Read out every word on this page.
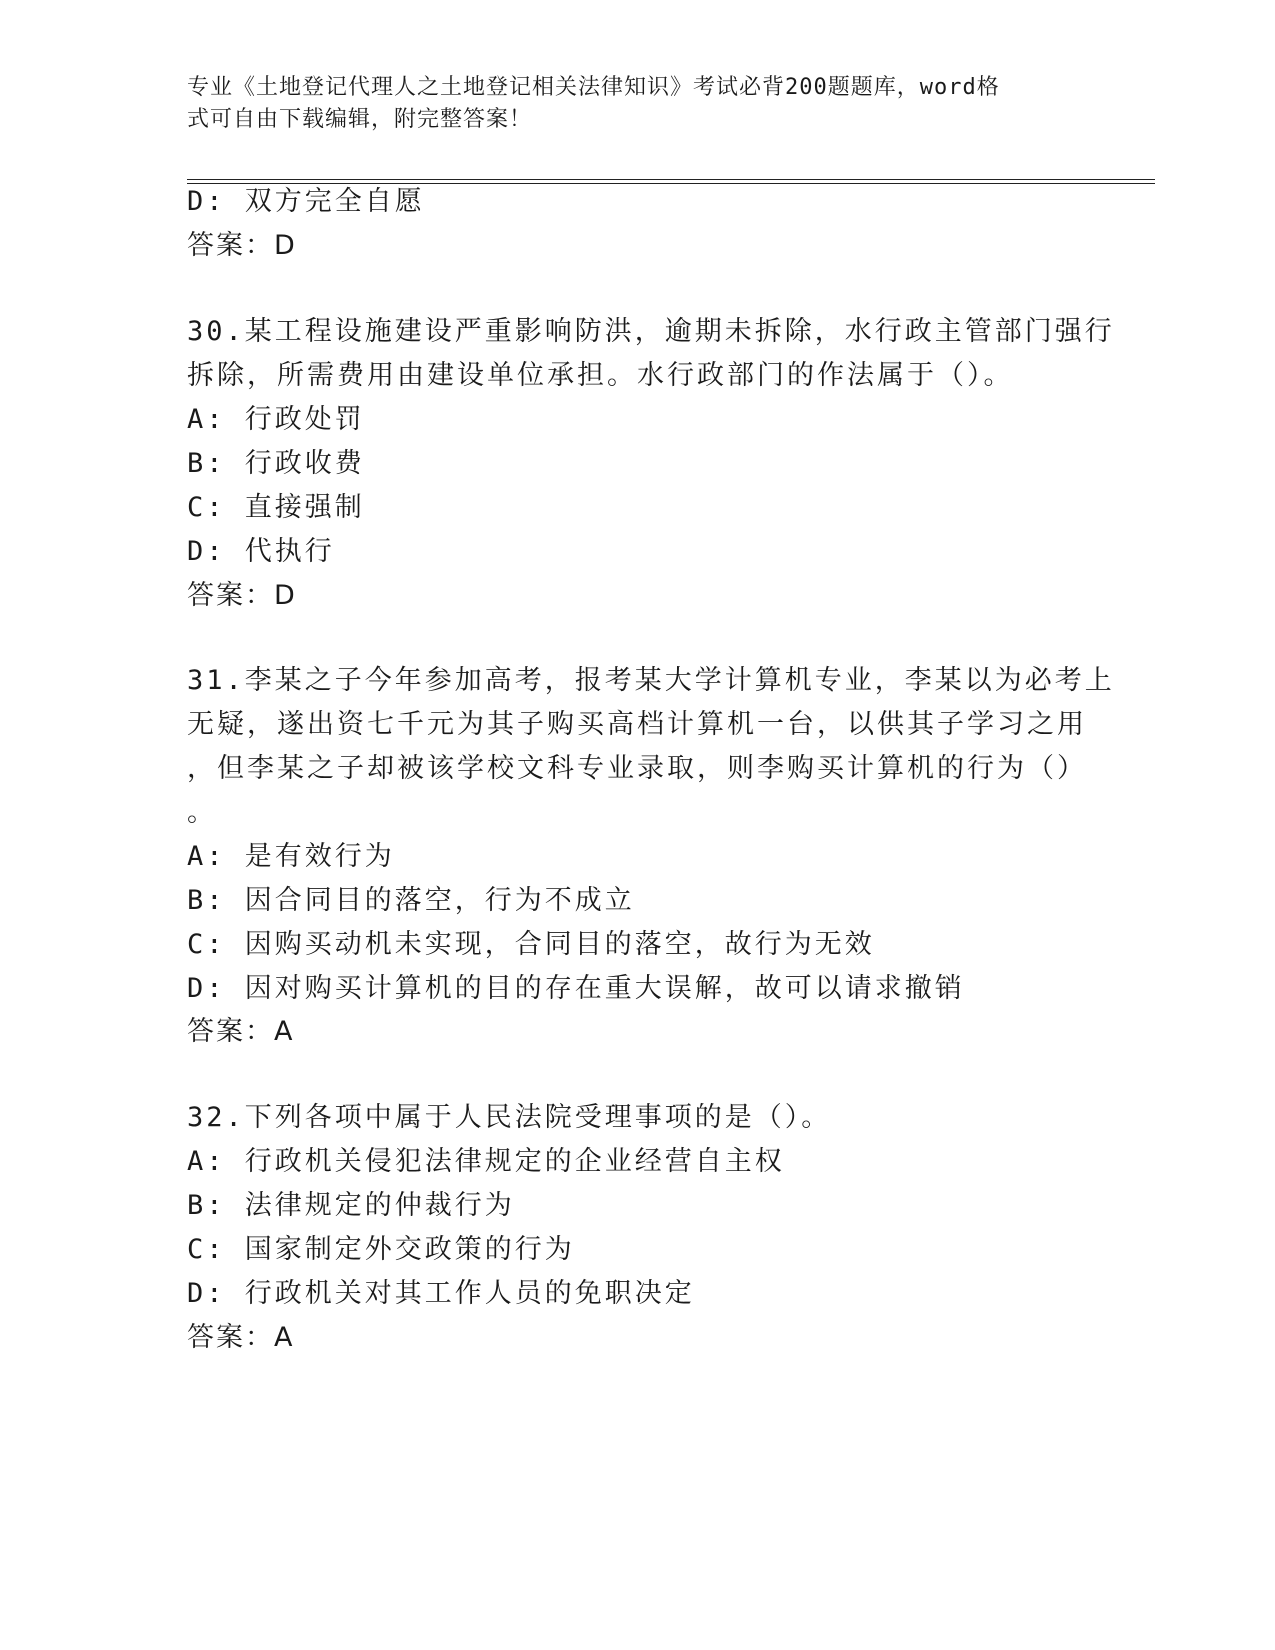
专业《土地登记代理人之土地登记相关法律知识》考试必背200题题库，word格
式可自由下载编辑，附完整答案！
D: 双方完全自愿
答案：D
30.某工程设施建设严重影响防洪，逾期未拆除，水行政主管部门强行
拆除，所需费用由建设单位承担。水行政部门的作法属于（）。
A: 行政处罚
B: 行政收费
C: 直接强制
D: 代执行
答案：D
31.李某之子今年参加高考，报考某大学计算机专业，李某以为必考上
无疑，遂出资七千元为其子购买高档计算机一台，以供其子学习之用
，但李某之子却被该学校文科专业录取，则李购买计算机的行为（）
。
A: 是有效行为
B: 因合同目的落空，行为不成立
C: 因购买动机未实现，合同目的落空，故行为无效
D: 因对购买计算机的目的存在重大误解，故可以请求撤销
答案：A
32.下列各项中属于人民法院受理事项的是（）。
A: 行政机关侵犯法律规定的企业经营自主权
B: 法律规定的仲裁行为
C: 国家制定外交政策的行为
D: 行政机关对其工作人员的免职决定
答案：A
